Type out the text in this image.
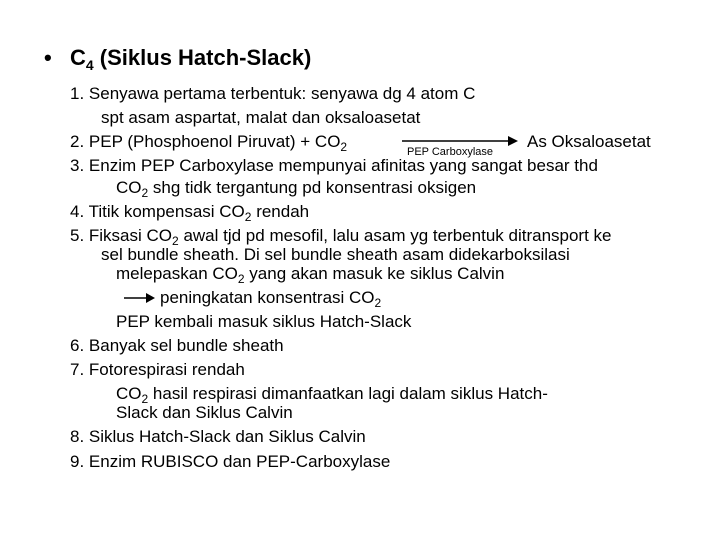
• $C_4$ (Siklus Hatch-Slack)
1. Senyawa pertama terbentuk: senyawa dg 4 atom C
spt asam aspartat, malat dan oksaloasetat
2. PEP (Phosphoenol Piruvat) + $CO_2$	PEP Carboxylase
As Oksaloasetat
3. Enzim PEP Carboxylase mempunyai afinitas yang sangat besar thd
$CO_2$ shg tidk tergantung pd konsentrasi oksigen
4. Titik kompensasi $CO_2$ rendah
5. Fiksasi $CO_2$ awal tjd pd mesofil, lalu asam yg terbentuk ditransport ke
sel bundle sheath. Di sel bundle sheath asam didekarboksilasi
melepaskan $CO_2$ yang akan masuk ke siklus Calvin
peningkatan konsentrasi $CO_2$
PEP kembali masuk siklus Hatch-Slack
6. Banyak sel bundle sheath
7. Fotorespirasi rendah
$CO_2$ hasil respirasi dimanfaatkan lagi dalam siklus Hatch-
Slack dan Siklus Calvin
8. Siklus Hatch-Slack dan Siklus Calvin
9. Enzim RUBISCO dan PEP-Carboxylase
